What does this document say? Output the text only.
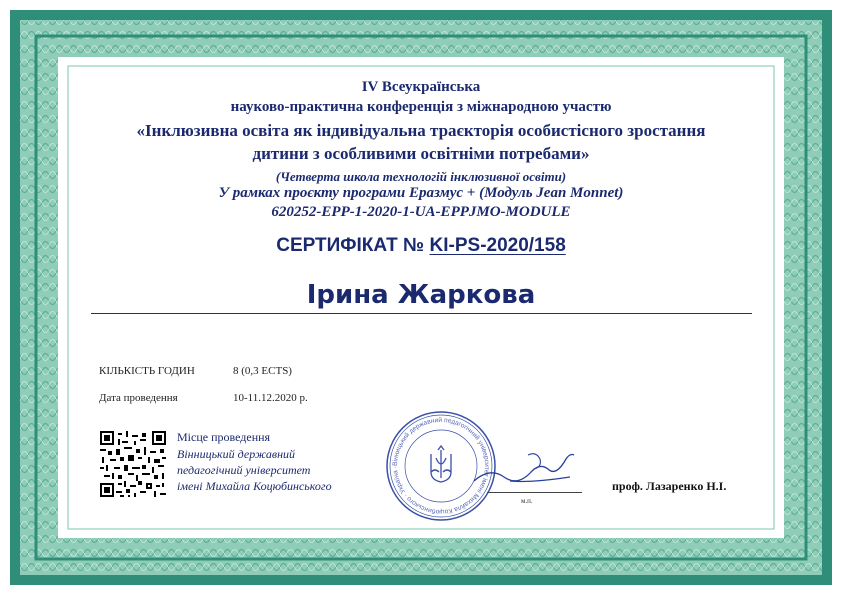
IV Всеукраїнська
науково-практична конференція з міжнародною участю
«Інклюзивна освіта як індивідуальна траєкторія особистісного зростання
дитини з особливими освітніми потребами»
(Четверта школа технологій інклюзивної освіти)
У рамках проєкту програми Еразмус + (Модуль Jean Monnet)
620252-EPP-1-2020-1-UA-EPPJMO-MODULE
СЕРТИФІКАТ № KI-PS-2020/158
Ірина Жаркова
КІЛЬКІСТЬ ГОДИН	8 (0,3 ECTS)
Дата проведення	10-11.12.2020 р.
Місце проведення
Вінницький державний
педагогічний університет
імені Михайла Коцюбинського
Вінницький державний педагогічний університет імені Михайла Коцюбинського · Україна ·
м.п.
проф. Лазаренко Н.І.
